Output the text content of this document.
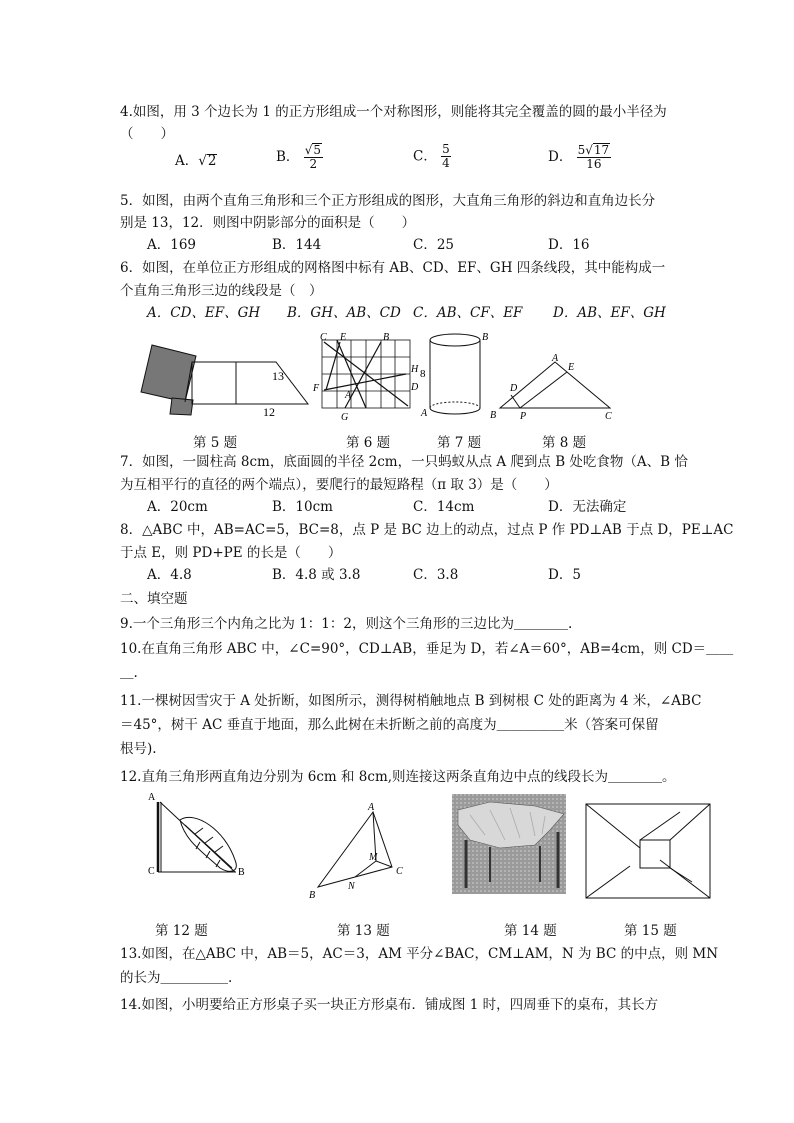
4.如图，用 3 个边长为 1 的正方形组成一个对称图形，则能将其完全覆盖的圆的最小半径为
（　　）
A．√2	B． $\frac{√5}{2}$	C． $\frac{5}{4}$	D． $\frac{5√17}{16}$
5．如图，由两个直角三角形和三个正方形组成的图形，大直角三角形的斜边和直角边长分
别是 13，12．则图中阴影部分的面积是（　　）
A．169	B．144	C．25	D．16
6．如图，在单位正方形组成的网格图中标有 AB、CD、EF、GH 四条线段，其中能构成一
个直角三角形三边的线段是（　）
A．CD、EF、GH B．GH、AB、CD C．AB、CF、EF D．AB、EF、GH
13
12
C E	B
H
F	D
A
G
B
A
8
A
E
D
B P	C
第 5 题	第 6 题	第 7 题	第 8 题
7．如图，一圆柱高 8cm，底面圆的半径 2cm，一只蚂蚁从点 A 爬到点 B 处吃食物（A、B 恰
为互相平行的直径的两个端点），要爬行的最短路程（π 取 3）是（　　）
A．20cm	B．10cm	C．14cm	D．无法确定
8．△ABC 中，AB=AC=5，BC=8，点 P 是 BC 边上的动点，过点 P 作 PD⊥AB 于点 D，PE⊥AC
于点 E，则 PD+PE 的长是（　　）
A．4.8	B．4.8 或 3.8	C．3.8	D．5
二、填空题
9.一个三角形三个内角之比为 1：1：2，则这个三角形的三边比为＿＿＿＿.
10.在直角三角形 ABC 中，∠C=90°，CD⊥AB，垂足为 D，若∠A＝60°，AB=4cm，则 CD＝＿＿
＿.
11.一棵树因雪灾于 A 处折断，如图所示，测得树梢触地点 B 到树根 C 处的距离为 4 米，∠ABC
＝45°，树干 AC 垂直于地面，那么此树在未折断之前的高度为＿＿＿＿＿米（答案可保留
根号).
12.直角三角形两直角边分别为 6cm 和 8cm,则连接这两条直角边中点的线段长为＿＿＿＿。
A
C	B
A
M
C
N
B
第 12 题	第 13 题	第 14 题	第 15 题
13.如图，在△ABC 中，AB＝5，AC＝3，AM 平分∠BAC，CM⊥AM，N 为 BC 的中点，则 MN
的长为＿＿＿＿＿.
14.如图，小明要给正方形桌子买一块正方形桌布．铺成图 1 时，四周垂下的桌布，其长方
